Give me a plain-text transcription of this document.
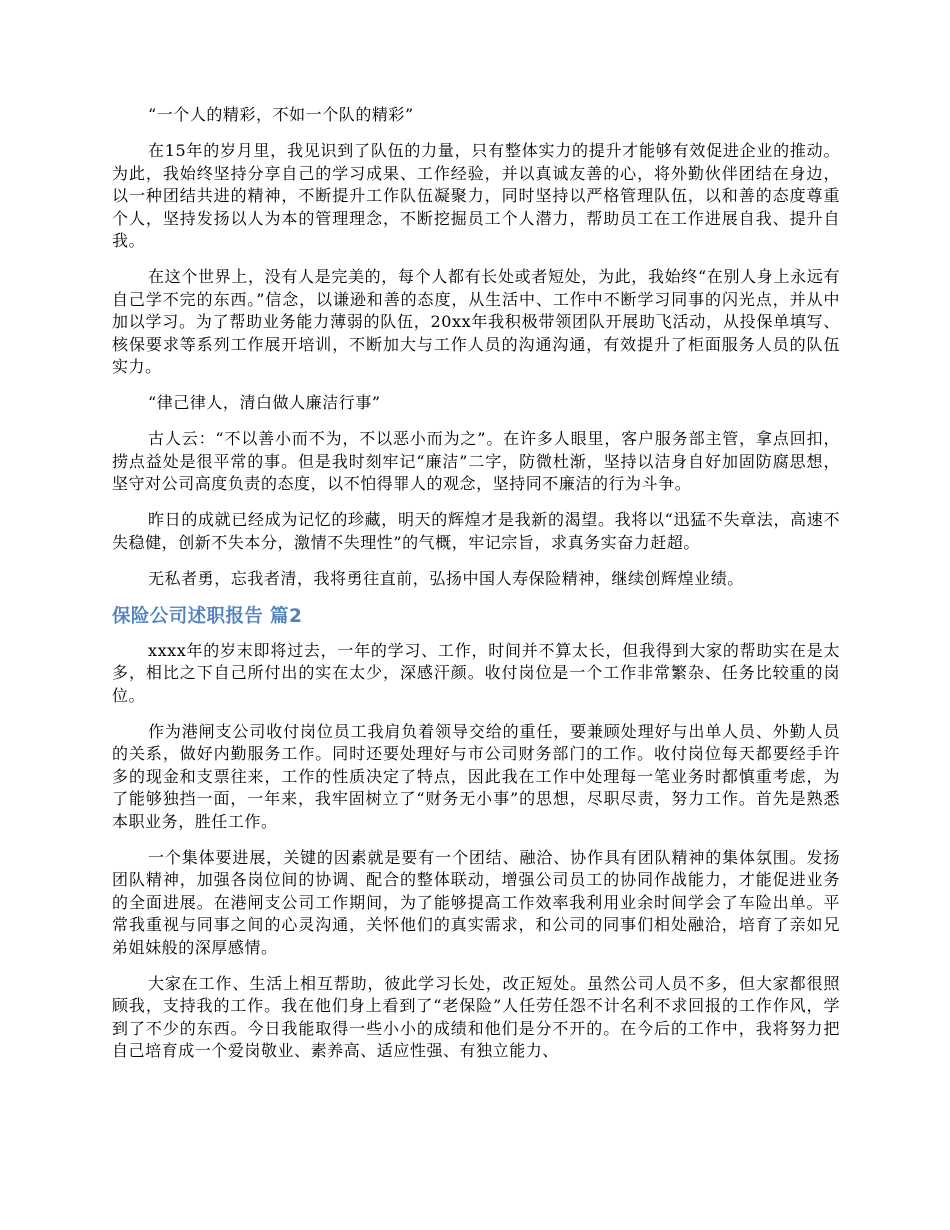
“一个人的精彩，不如一个队的精彩”

在15年的岁月里，我见识到了队伍的力量，只有整体实力的提升才能够有效促进企业的推动。为此，我始终坚持分享自己的学习成果、工作经验，并以真诚友善的心，将外勤伙伴团结在身边，以一种团结共进的精神，不断提升工作队伍凝聚力，同时坚持以严格管理队伍，以和善的态度尊重个人，坚持发扬以人为本的管理理念，不断挖掘员工个人潜力，帮助员工在工作进展自我、提升自我。

在这个世界上，没有人是完美的，每个人都有长处或者短处，为此，我始终“在别人身上永远有自己学不完的东西。”信念，以谦逊和善的态度，从生活中、工作中不断学习同事的闪光点，并从中加以学习。为了帮助业务能力薄弱的队伍，20xx年我积极带领团队开展助飞活动，从投保单填写、核保要求等系列工作展开培训，不断加大与工作人员的沟通沟通，有效提升了柜面服务人员的队伍实力。

“律己律人，清白做人廉洁行事”

古人云：“不以善小而不为，不以恶小而为之”。在许多人眼里，客户服务部主管，拿点回扣，捞点益处是很平常的事。但是我时刻牢记“廉洁”二字，防微杜渐，坚持以洁身自好加固防腐思想，坚守对公司高度负责的态度，以不怕得罪人的观念，坚持同不廉洁的行为斗争。

昨日的成就已经成为记忆的珍藏，明天的辉煌才是我新的渴望。我将以“迅猛不失章法，高速不失稳健，创新不失本分，激情不失理性”的气概，牢记宗旨，求真务实奋力赶超。

无私者勇，忘我者清，我将勇往直前，弘扬中国人寿保险精神，继续创辉煌业绩。

保险公司述职报告 篇2

xxxx年的岁末即将过去，一年的学习、工作，时间并不算太长，但我得到大家的帮助实在是太多，相比之下自己所付出的实在太少，深感汗颜。收付岗位是一个工作非常繁杂、任务比较重的岗位。

作为港闸支公司收付岗位员工我肩负着领导交给的重任，要兼顾处理好与出单人员、外勤人员的关系，做好内勤服务工作。同时还要处理好与市公司财务部门的工作。收付岗位每天都要经手许多的现金和支票往来，工作的性质决定了特点，因此我在工作中处理每一笔业务时都慎重考虑，为了能够独挡一面，一年来，我牢固树立了“财务无小事”的思想，尽职尽责，努力工作。首先是熟悉本职业务，胜任工作。

一个集体要进展，关键的因素就是要有一个团结、融洽、协作具有团队精神的集体氛围。发扬团队精神，加强各岗位间的协调、配合的整体联动，增强公司员工的协同作战能力，才能促进业务的全面进展。在港闸支公司工作期间，为了能够提高工作效率我利用业余时间学会了车险出单。平常我重视与同事之间的心灵沟通，关怀他们的真实需求，和公司的同事们相处融洽，培育了亲如兄弟姐妹般的深厚感情。

大家在工作、生活上相互帮助，彼此学习长处，改正短处。虽然公司人员不多，但大家都很照顾我，支持我的工作。我在他们身上看到了“老保险”人任劳任怨不计名利不求回报的工作作风，学到了不少的东西。今日我能取得一些小小的成绩和他们是分不开的。在今后的工作中，我将努力把自己培育成一个爱岗敬业、素养高、适应性强、有独立能力、
